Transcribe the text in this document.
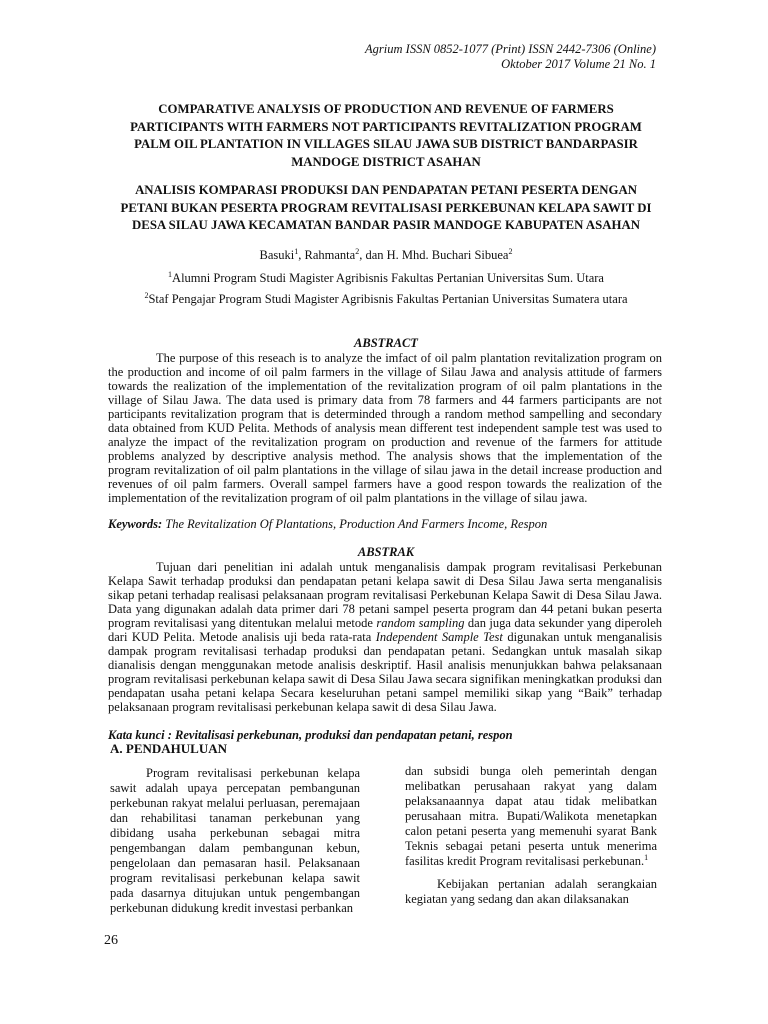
Agrium ISSN 0852-1077 (Print) ISSN 2442-7306 (Online)
Oktober 2017 Volume 21 No. 1
COMPARATIVE ANALYSIS OF PRODUCTION AND REVENUE OF FARMERS
PARTICIPANTS WITH FARMERS NOT PARTICIPANTS REVITALIZATION PROGRAM
PALM OIL PLANTATION IN VILLAGES SILAU JAWA SUB DISTRICT BANDARPASIR
MANDOGE DISTRICT ASAHAN
ANALISIS KOMPARASI PRODUKSI DAN PENDAPATAN PETANI PESERTA DENGAN
PETANI BUKAN PESERTA PROGRAM REVITALISASI PERKEBUNAN KELAPA SAWIT DI
DESA SILAU JAWA KECAMATAN BANDAR PASIR MANDOGE KABUPATEN ASAHAN
Basuki$^1$, Rahmanta$^2$, dan H. Mhd. Buchari Sibuea$^2$
$^1$Alumni Program Studi Magister Agribisnis Fakultas Pertanian Universitas Sum. Utara
$^2$Staf Pengajar Program Studi Magister Agribisnis Fakultas Pertanian Universitas Sumatera utara
ABSTRACT
The purpose of this reseach is to analyze the imfact of oil palm plantation revitalization program on the production and income of oil palm farmers in the village of Silau Jawa and analysis attitude of farmers towards the realization of the implementation of the revitalization program of oil palm plantations in the village of Silau Jawa. The data used is primary data from 78 farmers and 44 farmers participants are not participants revitalization program that is determinded through a random method sampelling and secondary data obtained from KUD Pelita. Methods of analysis mean different test independent sample test was used to analyze the impact of the revitalization program on production and revenue of the farmers for attitude problems analyzed by descriptive analysis method. The analysis shows that the implementation of the program revitalization of oil palm plantations in the village of silau jawa in the detail increase production and revenues of oil palm farmers. Overall sampel farmers have a good respon towards the realization of the implementation of the revitalization program of oil palm plantations in the village of silau jawa.
Keywords: The Revitalization Of Plantations, Production And Farmers Income, Respon
ABSTRAK
Tujuan dari penelitian ini adalah untuk menganalisis dampak program revitalisasi Perkebunan Kelapa Sawit terhadap produksi dan pendapatan petani kelapa sawit di Desa Silau Jawa serta menganalisis sikap petani terhadap realisasi pelaksanaan program revitalisasi Perkebunan Kelapa Sawit di Desa Silau Jawa. Data yang digunakan adalah data primer dari 78 petani sampel peserta program dan 44 petani bukan peserta program revitalisasi yang ditentukan melalui metode random sampling dan juga data sekunder yang diperoleh dari KUD Pelita. Metode analisis uji beda rata-rata Independent Sample Test digunakan untuk menganalisis dampak program revitalisasi terhadap produksi dan pendapatan petani. Sedangkan untuk masalah sikap dianalisis dengan menggunakan metode analisis deskriptif. Hasil analisis menunjukkan bahwa pelaksanaan program revitalisasi perkebunan kelapa sawit di Desa Silau Jawa secara signifikan meningkatkan produksi dan pendapatan usaha petani kelapa Secara keseluruhan petani sampel memiliki sikap yang “Baik” terhadap pelaksanaan program revitalisasi perkebunan kelapa sawit di desa Silau Jawa.
Kata kunci : Revitalisasi perkebunan, produksi dan pendapatan petani, respon
A. PENDAHULUAN
Program revitalisasi perkebunan kelapa sawit adalah upaya percepatan pembangunan perkebunan rakyat melalui perluasan, peremajaan dan rehabilitasi tanaman perkebunan yang dibidang usaha perkebunan sebagai mitra pengembangan dalam pembangunan kebun, pengelolaan dan pemasaran hasil. Pelaksanaan program revitalisasi perkebunan kelapa sawit pada dasarnya ditujukan untuk pengembangan perkebunan didukung kredit investasi perbankan
dan subsidi bunga oleh pemerintah dengan melibatkan perusahaan rakyat yang dalam pelaksanaannya dapat atau tidak melibatkan perusahaan mitra. Bupati/Walikota menetapkan calon petani peserta yang memenuhi syarat Bank Teknis sebagai petani peserta untuk menerima fasilitas kredit Program revitalisasi perkebunan.$^1$
Kebijakan pertanian adalah serangkaian kegiatan yang sedang dan akan dilaksanakan
26
